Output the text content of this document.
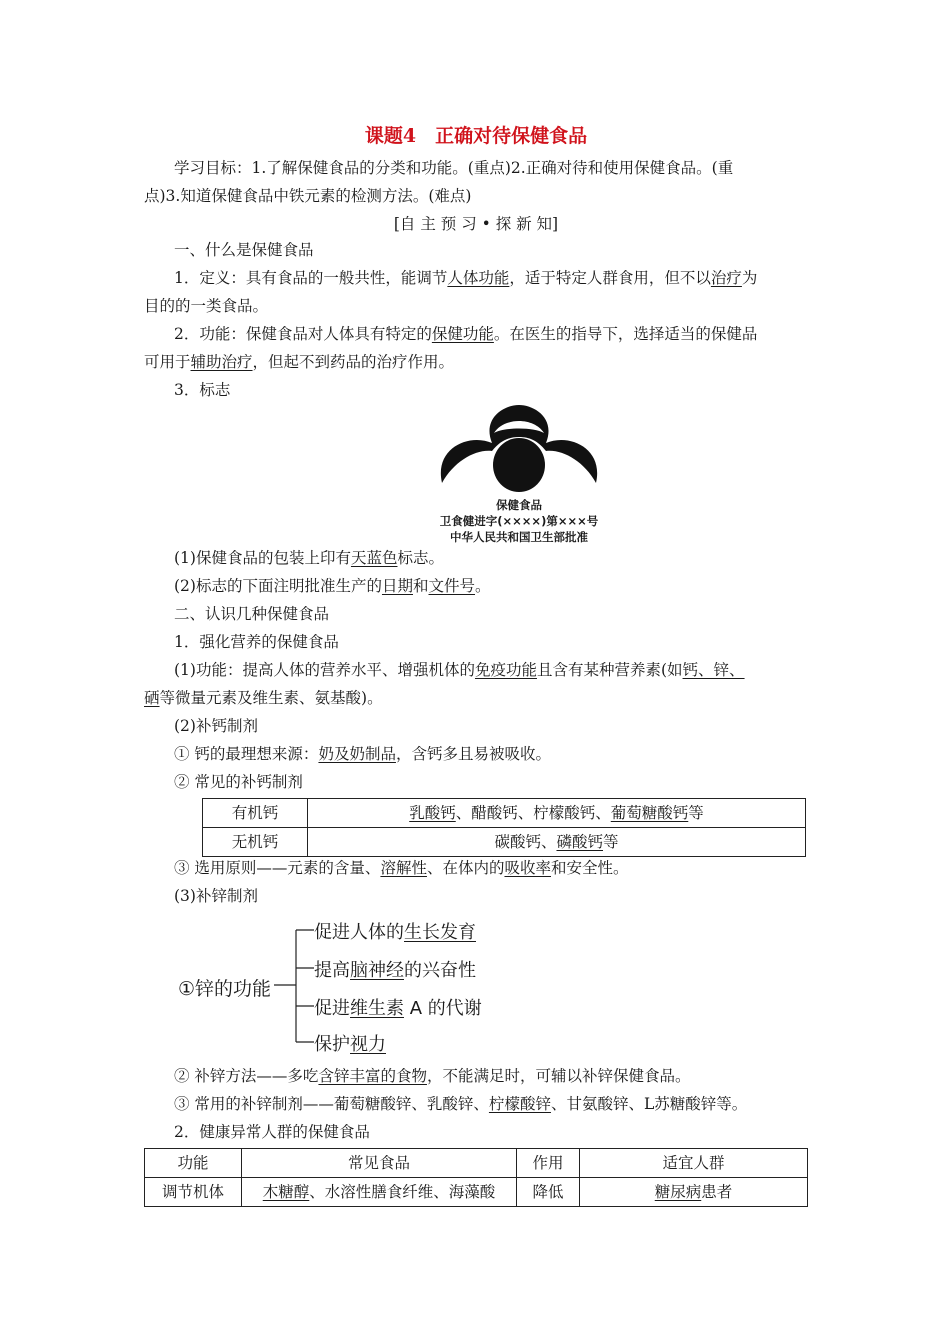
课题4　正确对待保健食品
学习目标：1.了解保健食品的分类和功能。(重点)2.正确对待和使用保健食品。(重
点)3.知道保健食品中铁元素的检测方法。(难点)
[自 主 预 习 • 探 新 知]
一、什么是保健食品
1．定义：具有食品的一般共性，能调节人体功能，适于特定人群食用，但不以治疗为
目的的一类食品。
2．功能：保健食品对人体具有特定的保健功能。在医生的指导下，选择适当的保健品
可用于辅助治疗，但起不到药品的治疗作用。
3．标志
保健食品
卫食健进字(××××)第×××号
中华人民共和国卫生部批准
(1)保健食品的包装上印有天蓝色标志。
(2)标志的下面注明批准生产的日期和文件号。
二、认识几种保健食品
1．强化营养的保健食品
(1)功能：提高人体的营养水平、增强机体的免疫功能且含有某种营养素(如钙、锌、
硒等微量元素及维生素、氨基酸)。
(2)补钙制剂
① 钙的最理想来源：奶及奶制品，含钙多且易被吸收。
② 常见的补钙制剂
有机钙	乳酸钙、醋酸钙、柠檬酸钙、葡萄糖酸钙等
无机钙	碳酸钙、磷酸钙等
③ 选用原则——元素的含量、溶解性、在体内的吸收率和安全性。
(3)补锌制剂
①锌的功能
促进人体的生长发育
提高脑神经的兴奋性
促进维生素 A 的代谢
保护视力
② 补锌方法——多吃含锌丰富的食物，不能满足时，可辅以补锌保健食品。
③ 常用的补锌制剂——葡萄糖酸锌、乳酸锌、柠檬酸锌、甘氨酸锌、L苏糖酸锌等。
2．健康异常人群的保健食品
功能	常见食品	作用	适宜人群
调节机体	木糖醇、水溶性膳食纤维、海藻酸	降低	糖尿病患者
